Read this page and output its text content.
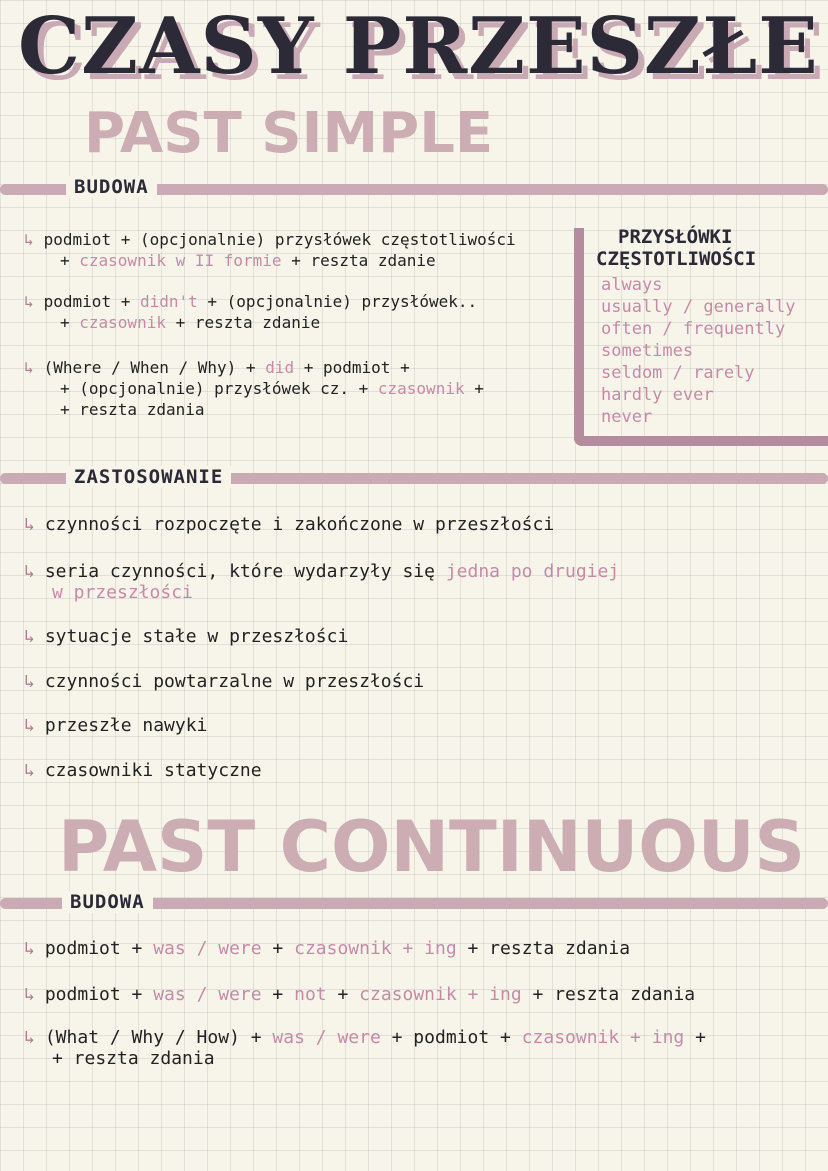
CZASY PRZESZŁE
PAST SIMPLE
BUDOWA
↳ podmiot + (opcjonalnie) przysłówek częstotliwości
+ czasownik w II formie + reszta zdanie
↳ podmiot + didn't + (opcjonalnie) przysłówek..
+ czasownik + reszta zdanie
↳ (Where / When / Why) + did + podmiot +
+ (opcjonalnie) przysłówek cz. + czasownik +
+ reszta zdania
PRZYSŁÓWKI
CZĘSTOTLIWOŚCI
always
usually / generally
often / frequently
sometimes
seldom / rarely
hardly ever
never
ZASTOSOWANIE
↳ czynności rozpoczęte i zakończone w przeszłości
↳ seria czynności, które wydarzyły się jedna po drugiej
w przeszłości
↳ sytuacje stałe w przeszłości
↳ czynności powtarzalne w przeszłości
↳ przeszłe nawyki
↳ czasowniki statyczne
PAST CONTINUOUS
BUDOWA
↳ podmiot + was / were + czasownik + ing + reszta zdania
↳ podmiot + was / were + not + czasownik + ing + reszta zdania
↳ (What / Why / How) + was / were + podmiot + czasownik + ing +
+ reszta zdania
